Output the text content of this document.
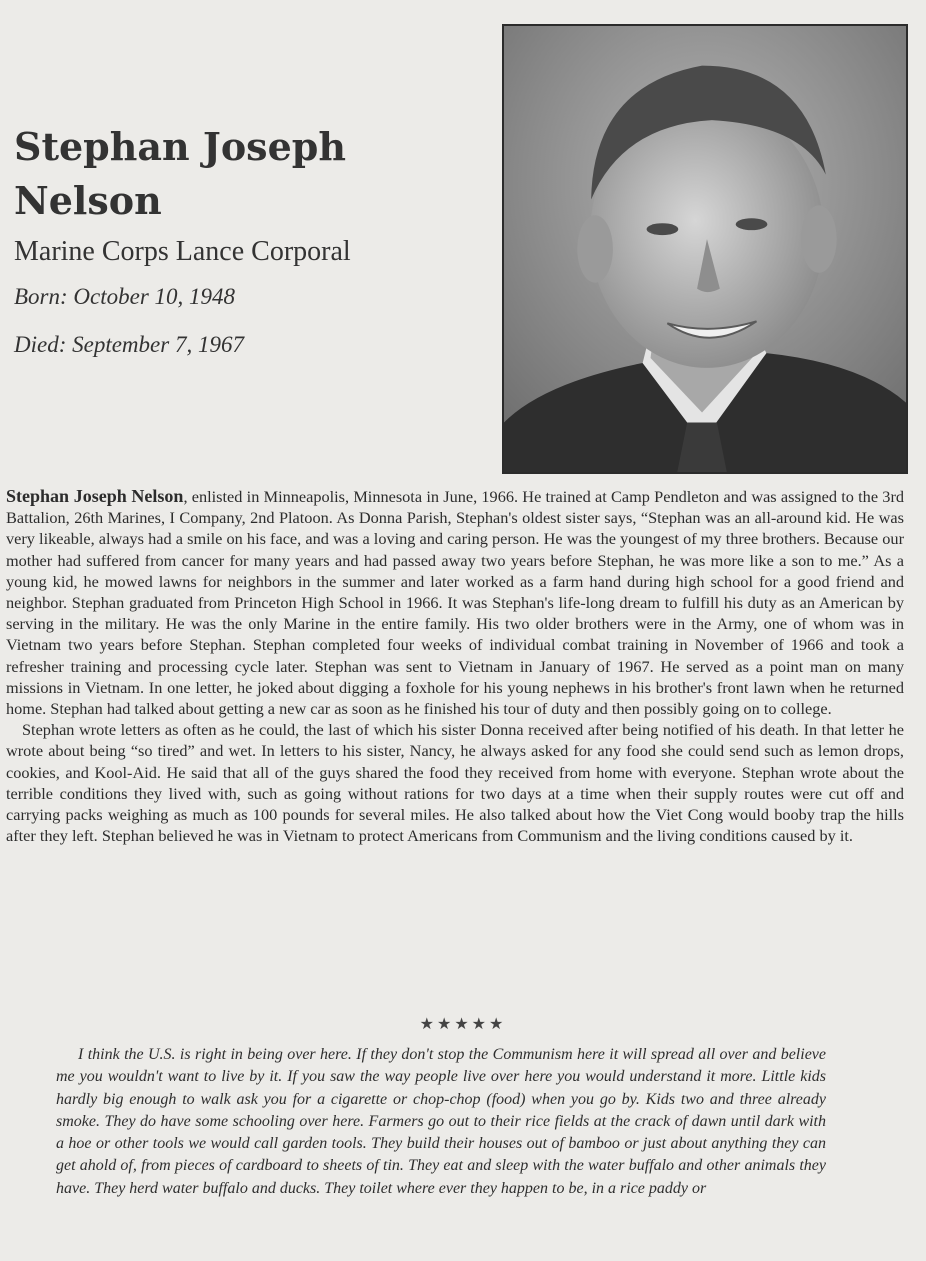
Stephan Joseph Nelson
Marine Corps Lance Corporal
Born: October 10, 1948
Died: September 7, 1967

Stephan Joseph Nelson, enlisted in Minneapolis, Minnesota in June, 1966. He trained at Camp Pendleton and was assigned to the 3rd Battalion, 26th Marines, I Company, 2nd Platoon. As Donna Parish, Stephan's oldest sister says, “Stephan was an all-around kid. He was very likeable, always had a smile on his face, and was a loving and caring person. He was the youngest of my three brothers. Because our mother had suffered from cancer for many years and had passed away two years before Stephan, he was more like a son to me.” As a young kid, he mowed lawns for neighbors in the summer and later worked as a farm hand during high school for a good friend and neighbor. Stephan graduated from Princeton High School in 1966. It was Stephan's life-long dream to fulfill his duty as an American by serving in the military. He was the only Marine in the entire family. His two older brothers were in the Army, one of whom was in Vietnam two years before Stephan. Stephan completed four weeks of individual combat training in November of 1966 and took a refresher training and processing cycle later. Stephan was sent to Vietnam in January of 1967. He served as a point man on many missions in Vietnam. In one letter, he joked about digging a foxhole for his young nephews in his brother's front lawn when he returned home. Stephan had talked about getting a new car as soon as he finished his tour of duty and then possibly going on to college.

Stephan wrote letters as often as he could, the last of which his sister Donna received after being notified of his death. In that letter he wrote about being “so tired” and wet. In letters to his sister, Nancy, he always asked for any food she could send such as lemon drops, cookies, and Kool-Aid. He said that all of the guys shared the food they received from home with everyone. Stephan wrote about the terrible conditions they lived with, such as going without rations for two days at a time when their supply routes were cut off and carrying packs weighing as much as 100 pounds for several miles. He also talked about how the Viet Cong would booby trap the hills after they left. Stephan believed he was in Vietnam to protect Americans from Communism and the living conditions caused by it.

★★★★★
I think the U.S. is right in being over here. If they don't stop the Communism here it will spread all over and believe me you wouldn't want to live by it. If you saw the way people live over here you would understand it more. Little kids hardly big enough to walk ask you for a cigarette or chop-chop (food) when you go by. Kids two and three already smoke. They do have some schooling over here. Farmers go out to their rice fields at the crack of dawn until dark with a hoe or other tools we would call garden tools. They build their houses out of bamboo or just about anything they can get ahold of, from pieces of cardboard to sheets of tin. They eat and sleep with the water buffalo and other animals they have. They herd water buffalo and ducks. They toilet where ever they happen to be, in a rice paddy or
